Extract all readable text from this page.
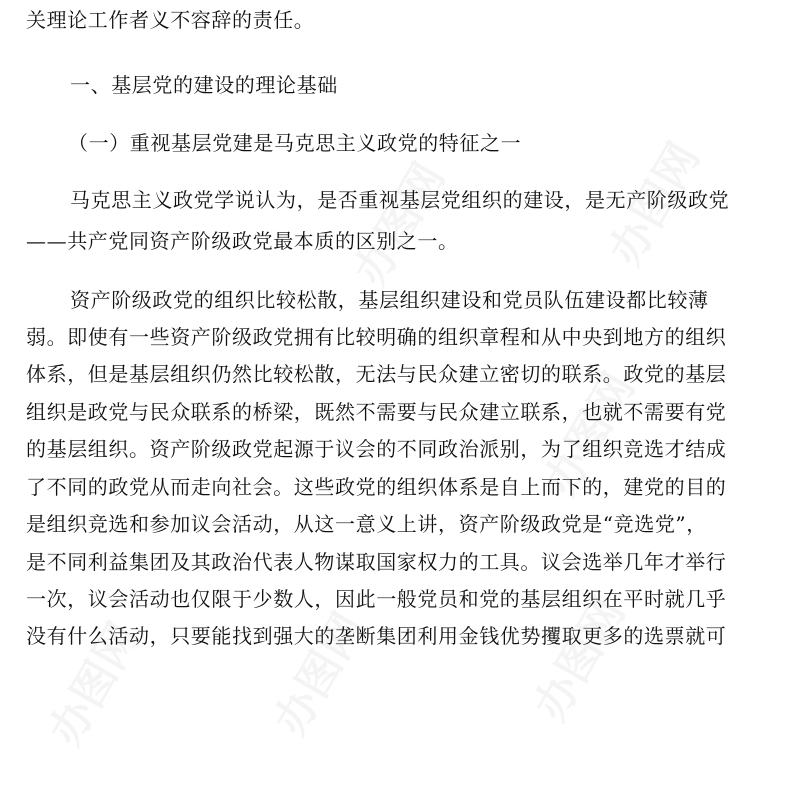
办图网	办图网
办图网
办图网
办图网	办图网
关理论工作者义不容辞的责任。
一、基层党的建设的理论基础
（一）重视基层党建是马克思主义政党的特征之一
马克思主义政党学说认为，是否重视基层党组织的建设，是无产阶级政党
——共产党同资产阶级政党最本质的区别之一。
资产阶级政党的组织比较松散，基层组织建设和党员队伍建设都比较薄
弱。即使有一些资产阶级政党拥有比较明确的组织章程和从中央到地方的组织
体系，但是基层组织仍然比较松散，无法与民众建立密切的联系。政党的基层
组织是政党与民众联系的桥梁，既然不需要与民众建立联系，也就不需要有党
的基层组织。资产阶级政党起源于议会的不同政治派别，为了组织竞选才结成
了不同的政党从而走向社会。这些政党的组织体系是自上而下的，建党的目的
是组织竞选和参加议会活动，从这一意义上讲，资产阶级政党是“竞选党”，
是不同利益集团及其政治代表人物谋取国家权力的工具。议会选举几年才举行
一次，议会活动也仅限于少数人，因此一般党员和党的基层组织在平时就几乎
没有什么活动，只要能找到强大的垄断集团利用金钱优势攫取更多的选票就可
